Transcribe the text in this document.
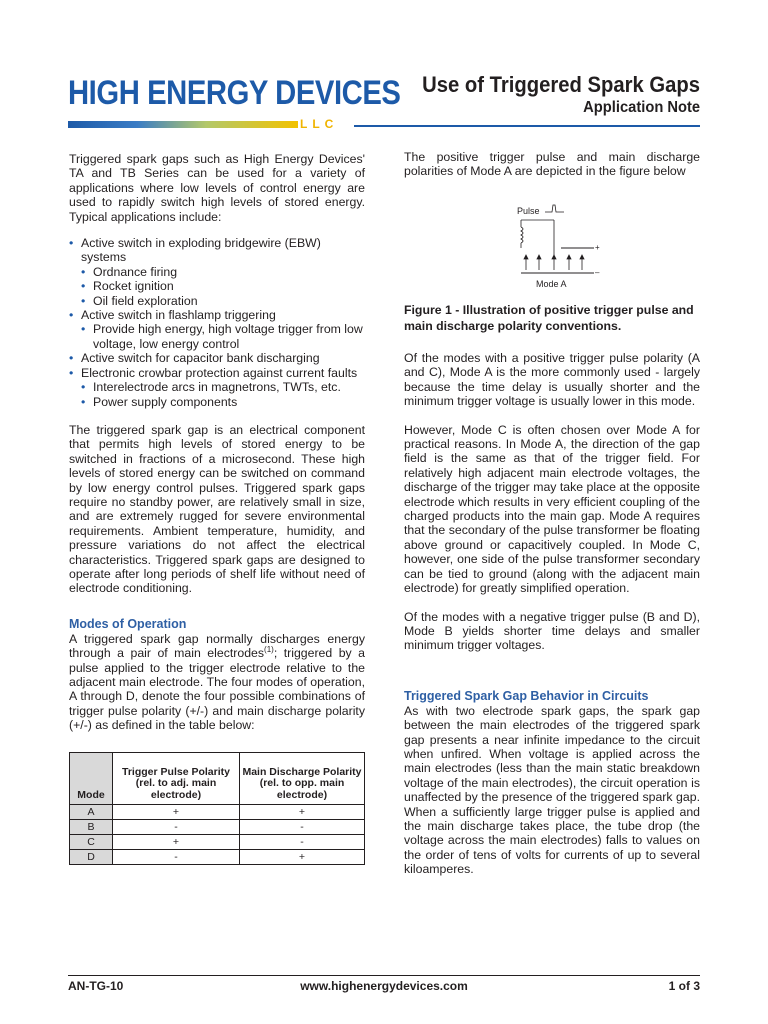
HIGH ENERGY DEVICES
LLC
Use of Triggered Spark Gaps
Application Note

Triggered spark gaps such as High Energy Devices' TA and TB Series can be used for a variety of applications where low levels of control energy are used to rapidly switch high levels of stored energy. Typical applications include:

• Active switch in exploding bridgewire (EBW) systems
• Ordnance firing
• Rocket ignition
• Oil field exploration
• Active switch in flashlamp triggering
• Provide high energy, high voltage trigger from low voltage, low energy control
• Active switch for capacitor bank discharging
• Electronic crowbar protection against current faults
• Interelectrode arcs in magnetrons, TWTs, etc.
• Power supply components

The triggered spark gap is an electrical component that permits high levels of stored energy to be switched in fractions of a microsecond. These high levels of stored energy can be switched on command by low energy control pulses. Triggered spark gaps require no standby power, are relatively small in size, and are extremely rugged for severe environmental requirements. Ambient temperature, humidity, and pressure variations do not affect the electrical characteristics. Triggered spark gaps are designed to operate after long periods of shelf life without need of electrode conditioning.

Modes of Operation

A triggered spark gap normally discharges energy through a pair of main electrodes$^{(1)}$; triggered by a pulse applied to the trigger electrode relative to the adjacent main electrode. The four modes of operation, A through D, denote the four possible combinations of trigger pulse polarity (+/-) and main discharge polarity (+/-) as defined in the table below:

Mode	Trigger Pulse Polarity (rel. to adj. main electrode)	Main Discharge Polarity (rel. to opp. main electrode)
A	+	+
B	-	-
C	+	-
D	-	+

The positive trigger pulse and main discharge polarities of Mode A are depicted in the figure below

Pulse
+
–
Mode A
Figure 1 - Illustration of positive trigger pulse and main discharge polarity conventions.

Of the modes with a positive trigger pulse polarity (A and C), Mode A is the more commonly used - largely because the time delay is usually shorter and the minimum trigger voltage is usually lower in this mode.

However, Mode C is often chosen over Mode A for practical reasons. In Mode A, the direction of the gap field is the same as that of the trigger field. For relatively high adjacent main electrode voltages, the discharge of the trigger may take place at the opposite electrode which results in very efficient coupling of the charged products into the main gap. Mode A requires that the secondary of the pulse transformer be floating above ground or capacitively coupled. In Mode C, however, one side of the pulse transformer secondary can be tied to ground (along with the adjacent main electrode) for greatly simplified operation.

Of the modes with a negative trigger pulse (B and D), Mode B yields shorter time delays and smaller minimum trigger voltages.

Triggered Spark Gap Behavior in Circuits

As with two electrode spark gaps, the spark gap between the main electrodes of the triggered spark gap presents a near infinite impedance to the circuit when unfired. When voltage is applied across the main electrodes (less than the main static breakdown voltage of the main electrodes), the circuit operation is unaffected by the presence of the triggered spark gap. When a sufficiently large trigger pulse is applied and the main discharge takes place, the tube drop (the voltage across the main electrodes) falls to values on the order of tens of volts for currents of up to several kiloamperes.

AN-TG-10	www.highenergydevices.com	1 of 3
